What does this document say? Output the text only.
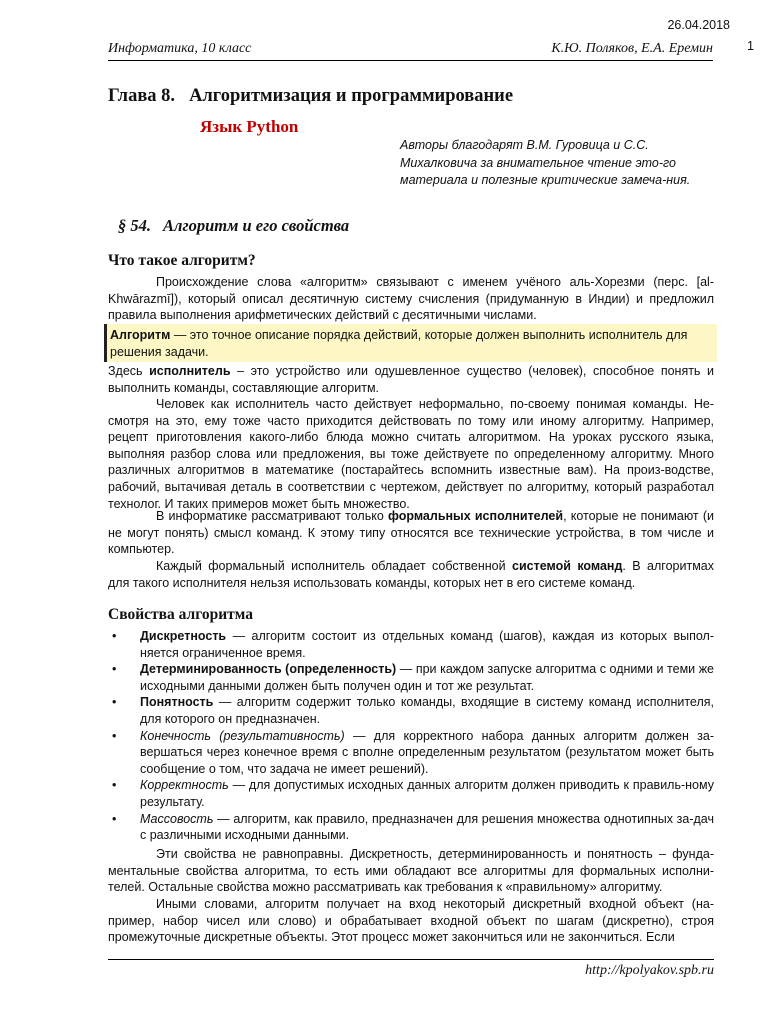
26.04.2018
1
Информатика, 10 класс	К.Ю. Поляков, Е.А. Еремин
Глава 8. Алгоритмизация и программирование
Язык Python
Авторы благодарят В.М. Гуровица и С.С. Михалковича за внимательное чтение это-го материала и полезные критические замеча-ния.
§ 54. Алгоритм и его свойства
Что такое алгоритм?
Происхождение слова «алгоритм» связывают с именем учёного аль-Хорезми (перс. [al-Khwārazmī]), который описал десятичную систему счисления (придуманную в Индии) и предложил правила выполнения арифметических действий с десятичными числами.
Алгоритм — это точное описание порядка действий, которые должен выполнить исполнитель для решения задачи.
Здесь исполнитель – это устройство или одушевленное существо (человек), способное понять и выполнить команды, составляющие алгоритм.
Человек как исполнитель часто действует неформально, по-своему понимая команды. Не-смотря на это, ему тоже часто приходится действовать по тому или иному алгоритму. Например, рецепт приготовления какого-либо блюда можно считать алгоритмом. На уроках русского языка, выполняя разбор слова или предложения, вы тоже действуете по определенному алгоритму. Много различных алгоритмов в математике (постарайтесь вспомнить известные вам). На произ-водстве, рабочий, вытачивая деталь в соответствии с чертежом, действует по алгоритму, который разработал технолог. И таких примеров может быть множество.
В информатике рассматривают только формальных исполнителей, которые не понимают (и не могут понять) смысл команд. К этому типу относятся все технические устройства, в том числе и компьютер.
Каждый формальный исполнитель обладает собственной системой команд. В алгоритмах для такого исполнителя нельзя использовать команды, которых нет в его системе команд.
Свойства алгоритма
• Дискретность — алгоритм состоит из отдельных команд (шагов), каждая из которых выпол-няется ограниченное время.
• Детерминированность (определенность) — при каждом запуске алгоритма с одними и теми же исходными данными должен быть получен один и тот же результат.
• Понятность — алгоритм содержит только команды, входящие в систему команд исполнителя, для которого он предназначен.
• Конечность (результативность) — для корректного набора данных алгоритм должен за-вершаться через конечное время с вполне определенным результатом (результатом может быть сообщение о том, что задача не имеет решений).
• Корректность — для допустимых исходных данных алгоритм должен приводить к правиль-ному результату.
• Массовость — алгоритм, как правило, предназначен для решения множества однотипных за-дач с различными исходными данными.
Эти свойства не равноправны. Дискретность, детерминированность и понятность – фунда-ментальные свойства алгоритма, то есть ими обладают все алгоритмы для формальных исполни-телей. Остальные свойства можно рассматривать как требования к «правильному» алгоритму.
Иными словами, алгоритм получает на вход некоторый дискретный входной объект (на-пример, набор чисел или слово) и обрабатывает входной объект по шагам (дискретно), строя промежуточные дискретные объекты. Этот процесс может закончиться или не закончиться. Если
http://kpolyakov.spb.ru
